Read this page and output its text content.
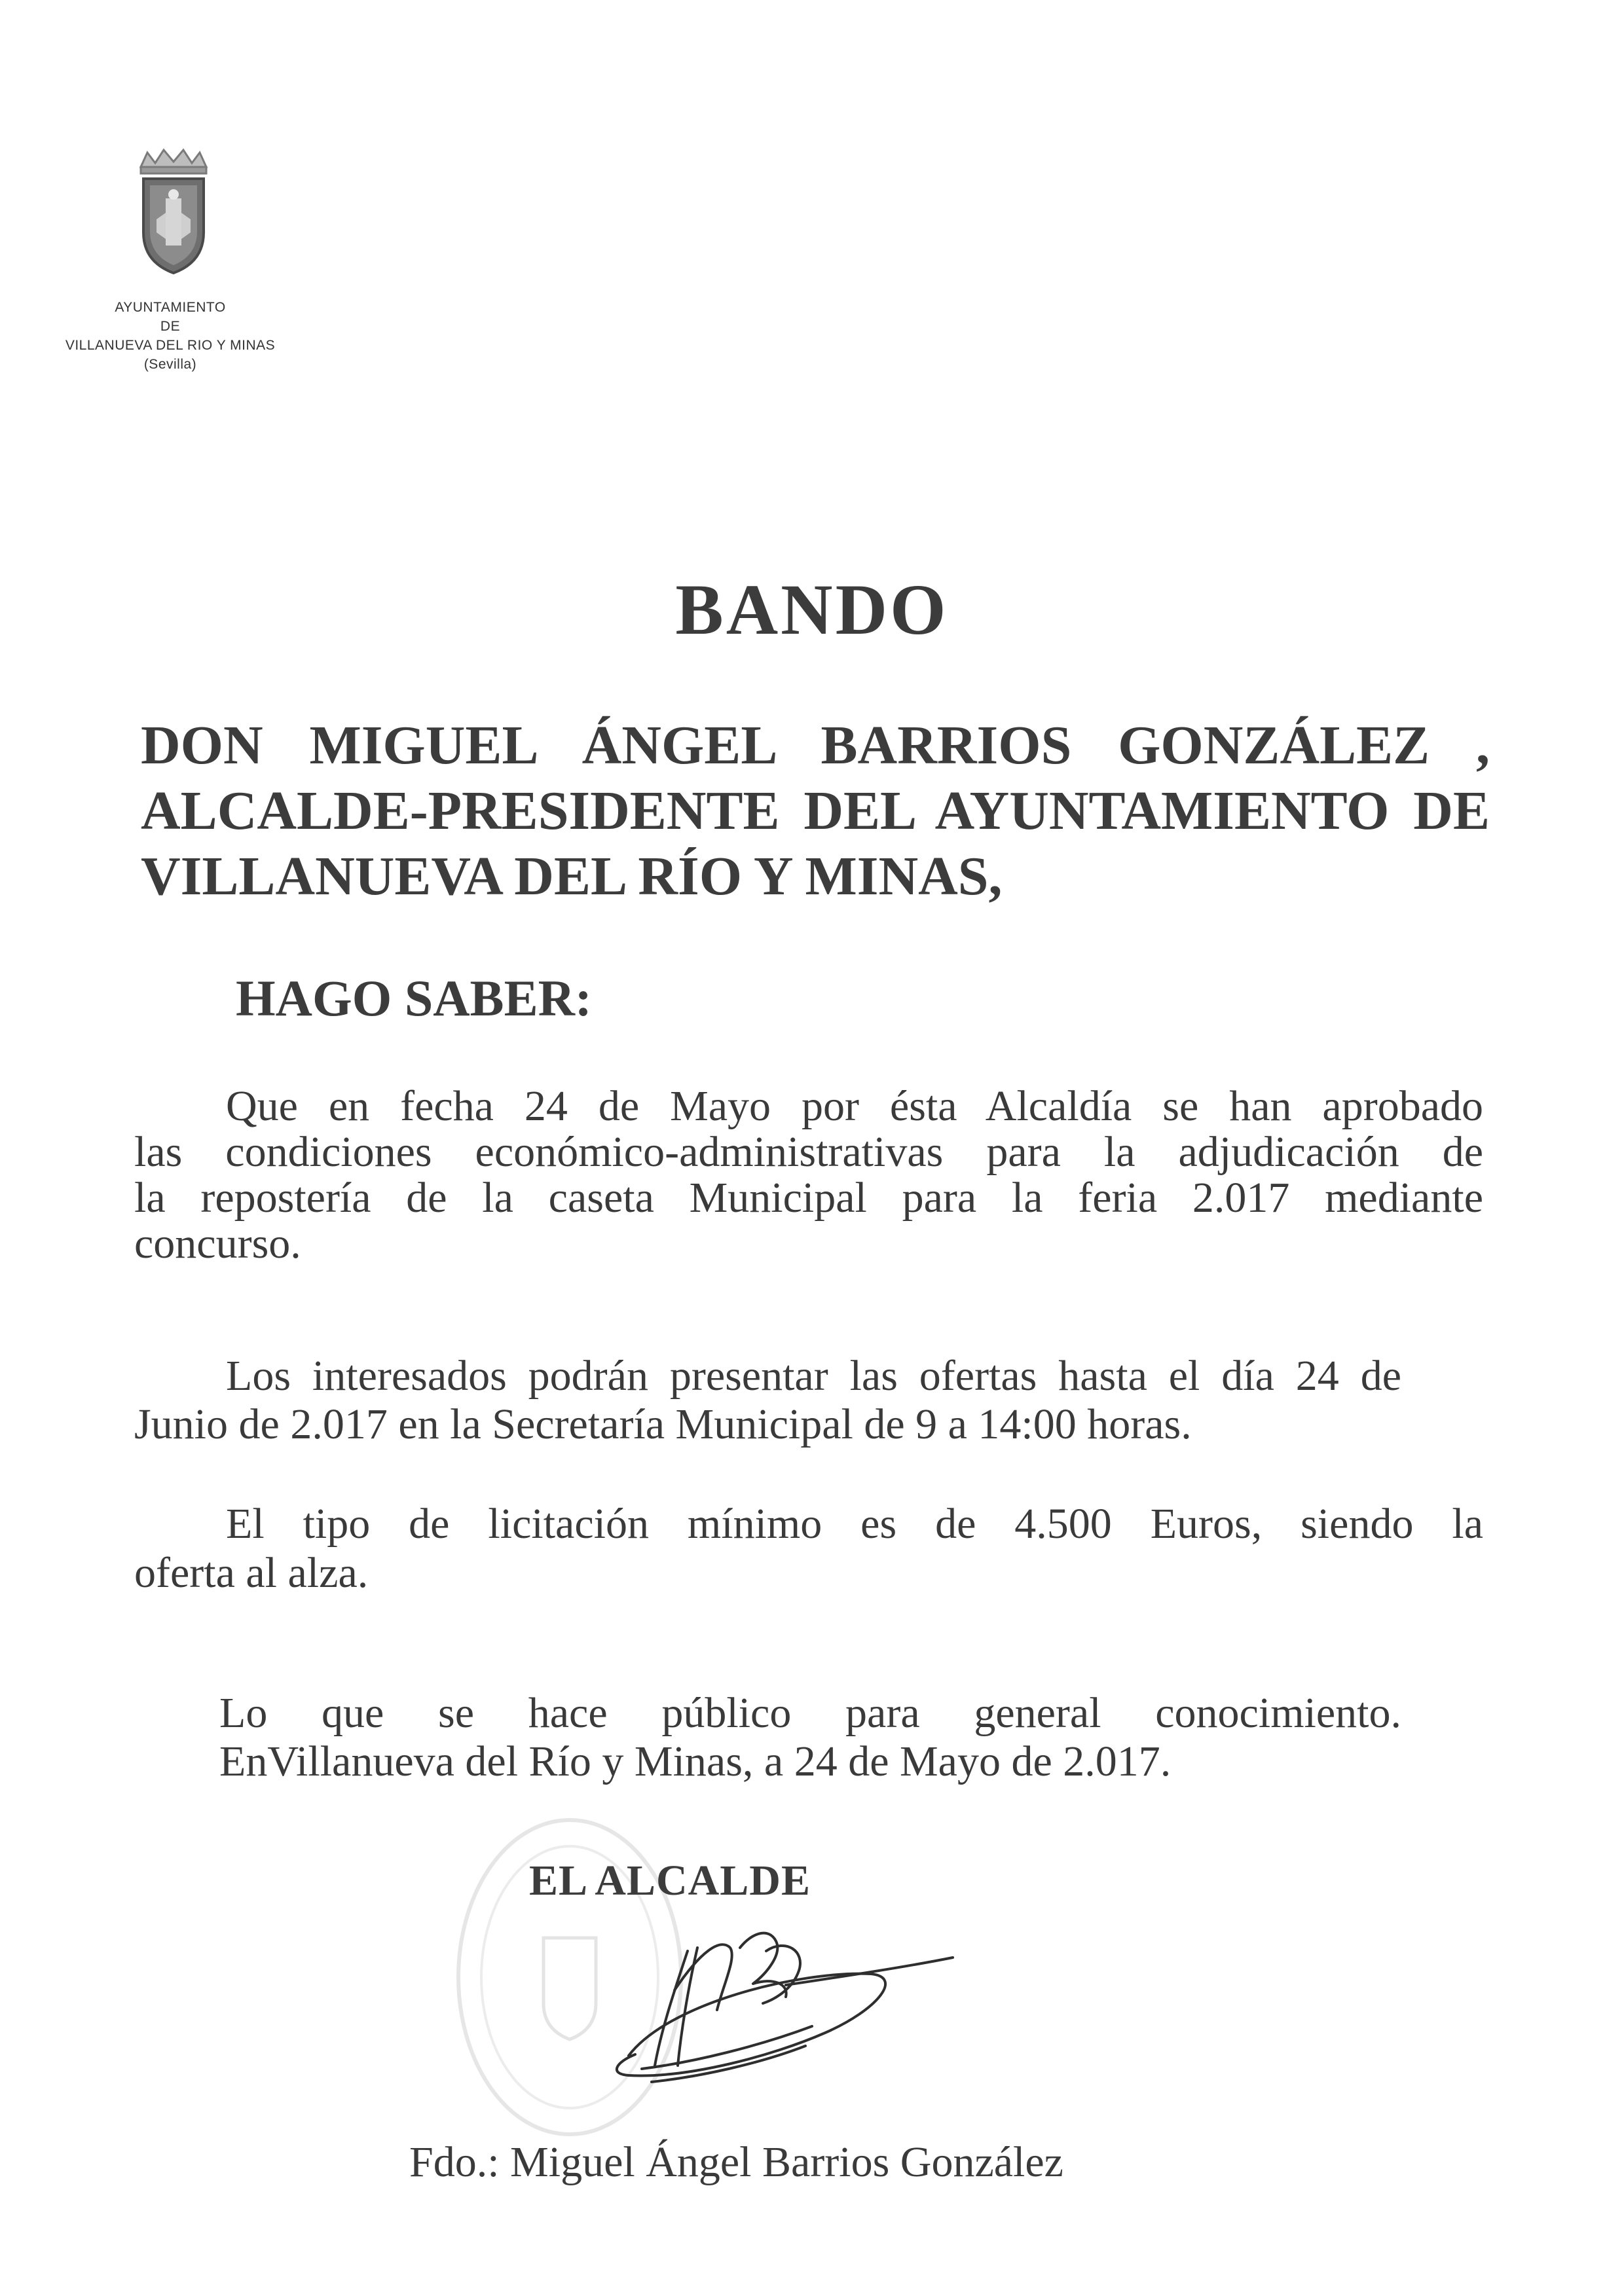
AYUNTAMIENTO
DE
VILLANUEVA DEL RIO Y MINAS
(Sevilla)
BANDO
DON MIGUEL ÁNGEL BARRIOS GONZÁLEZ ,
ALCALDE-PRESIDENTE DEL AYUNTAMIENTO DE
VILLANUEVA DEL RÍO Y MINAS,
HAGO SABER:
Que en fecha 24 de Mayo por ésta Alcaldía se han aprobado
las condiciones económico-administrativas para la adjudicación de
la repostería de la caseta Municipal para la feria 2.017 mediante
concurso.
Los interesados podrán presentar las ofertas hasta el día 24 de
Junio de 2.017 en la Secretaría Municipal de 9 a 14:00 horas.
El tipo de licitación mínimo es de 4.500 Euros, siendo la
oferta al alza.
Lo que se hace público para general conocimiento.
EnVillanueva del Río y Minas, a 24 de Mayo de 2.017.
EL ALCALDE
Fdo.: Miguel Ángel Barrios González
